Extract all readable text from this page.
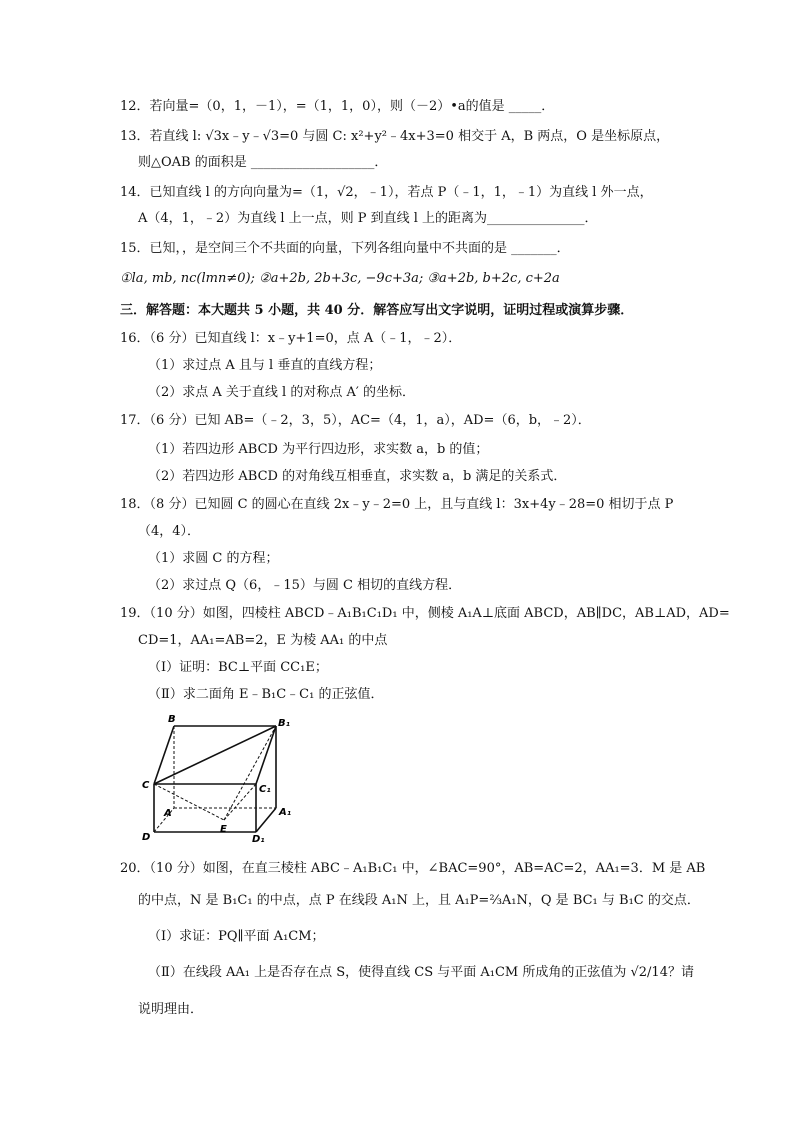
12．若向量=（0，1，－1），=（1，1，0），则（－2）•a的值是 _____．
13．若直线 l: √3x﹣y﹣√3=0 与圆 C: x²+y²﹣4x+3=0 相交于 A，B 两点，O 是坐标原点，
则△OAB 的面积是 ___________________．
14．已知直线 l 的方向向量为=（1，√2，﹣1），若点 P（﹣1，1，﹣1）为直线 l 外一点，
A（4，1，﹣2）为直线 l 上一点，则 P 到直线 l 上的距离为_______________．
15．已知，，是空间三个不共面的向量，下列各组向量中不共面的是 _______．
①la, mb, nc(lmn≠0); ②a+2b, 2b+3c, −9c+3a; ③a+2b, b+2c, c+2a
三．解答题：本大题共 5 小题，共 40 分．解答应写出文字说明，证明过程或演算步骤．
16．（6 分）已知直线 l：x﹣y+1=0，点 A（﹣1，﹣2）．
（1）求过点 A 且与 l 垂直的直线方程；
（2）求点 A 关于直线 l 的对称点 A′ 的坐标．
17．（6 分）已知 AB=（﹣2，3，5），AC=（4，1，a），AD=（6，b，﹣2）．
（1）若四边形 ABCD 为平行四边形，求实数 a，b 的值；
（2）若四边形 ABCD 的对角线互相垂直，求实数 a，b 满足的关系式．
18．（8 分）已知圆 C 的圆心在直线 2x﹣y﹣2=0 上，且与直线 l：3x+4y﹣28=0 相切于点 P
（4，4）．
（1）求圆 C 的方程；
（2）求过点 Q（6，﹣15）与圆 C 相切的直线方程．
19．（10 分）如图，四棱柱 ABCD﹣A₁B₁C₁D₁ 中，侧棱 A₁A⊥底面 ABCD，AB∥DC，AB⊥AD，AD=
CD=1，AA₁=AB=2，E 为棱 AA₁ 的中点
（Ⅰ）证明：BC⊥平面 CC₁E；
（Ⅱ）求二面角 E﹣B₁C﹣C₁ 的正弦值．
B	B₁
C	C₁
A	A₁
D	D₁
E
20．（10 分）如图，在直三棱柱 ABC﹣A₁B₁C₁ 中，∠BAC=90°，AB=AC=2，AA₁=3．M 是 AB
的中点，N 是 B₁C₁ 的中点，点 P 在线段 A₁N 上，且 A₁P=⅔A₁N，Q 是 BC₁ 与 B₁C 的交点．
（Ⅰ）求证：PQ∥平面 A₁CM；
（Ⅱ）在线段 AA₁ 上是否存在点 S，使得直线 CS 与平面 A₁CM 所成角的正弦值为 √2/14？请
说明理由．
